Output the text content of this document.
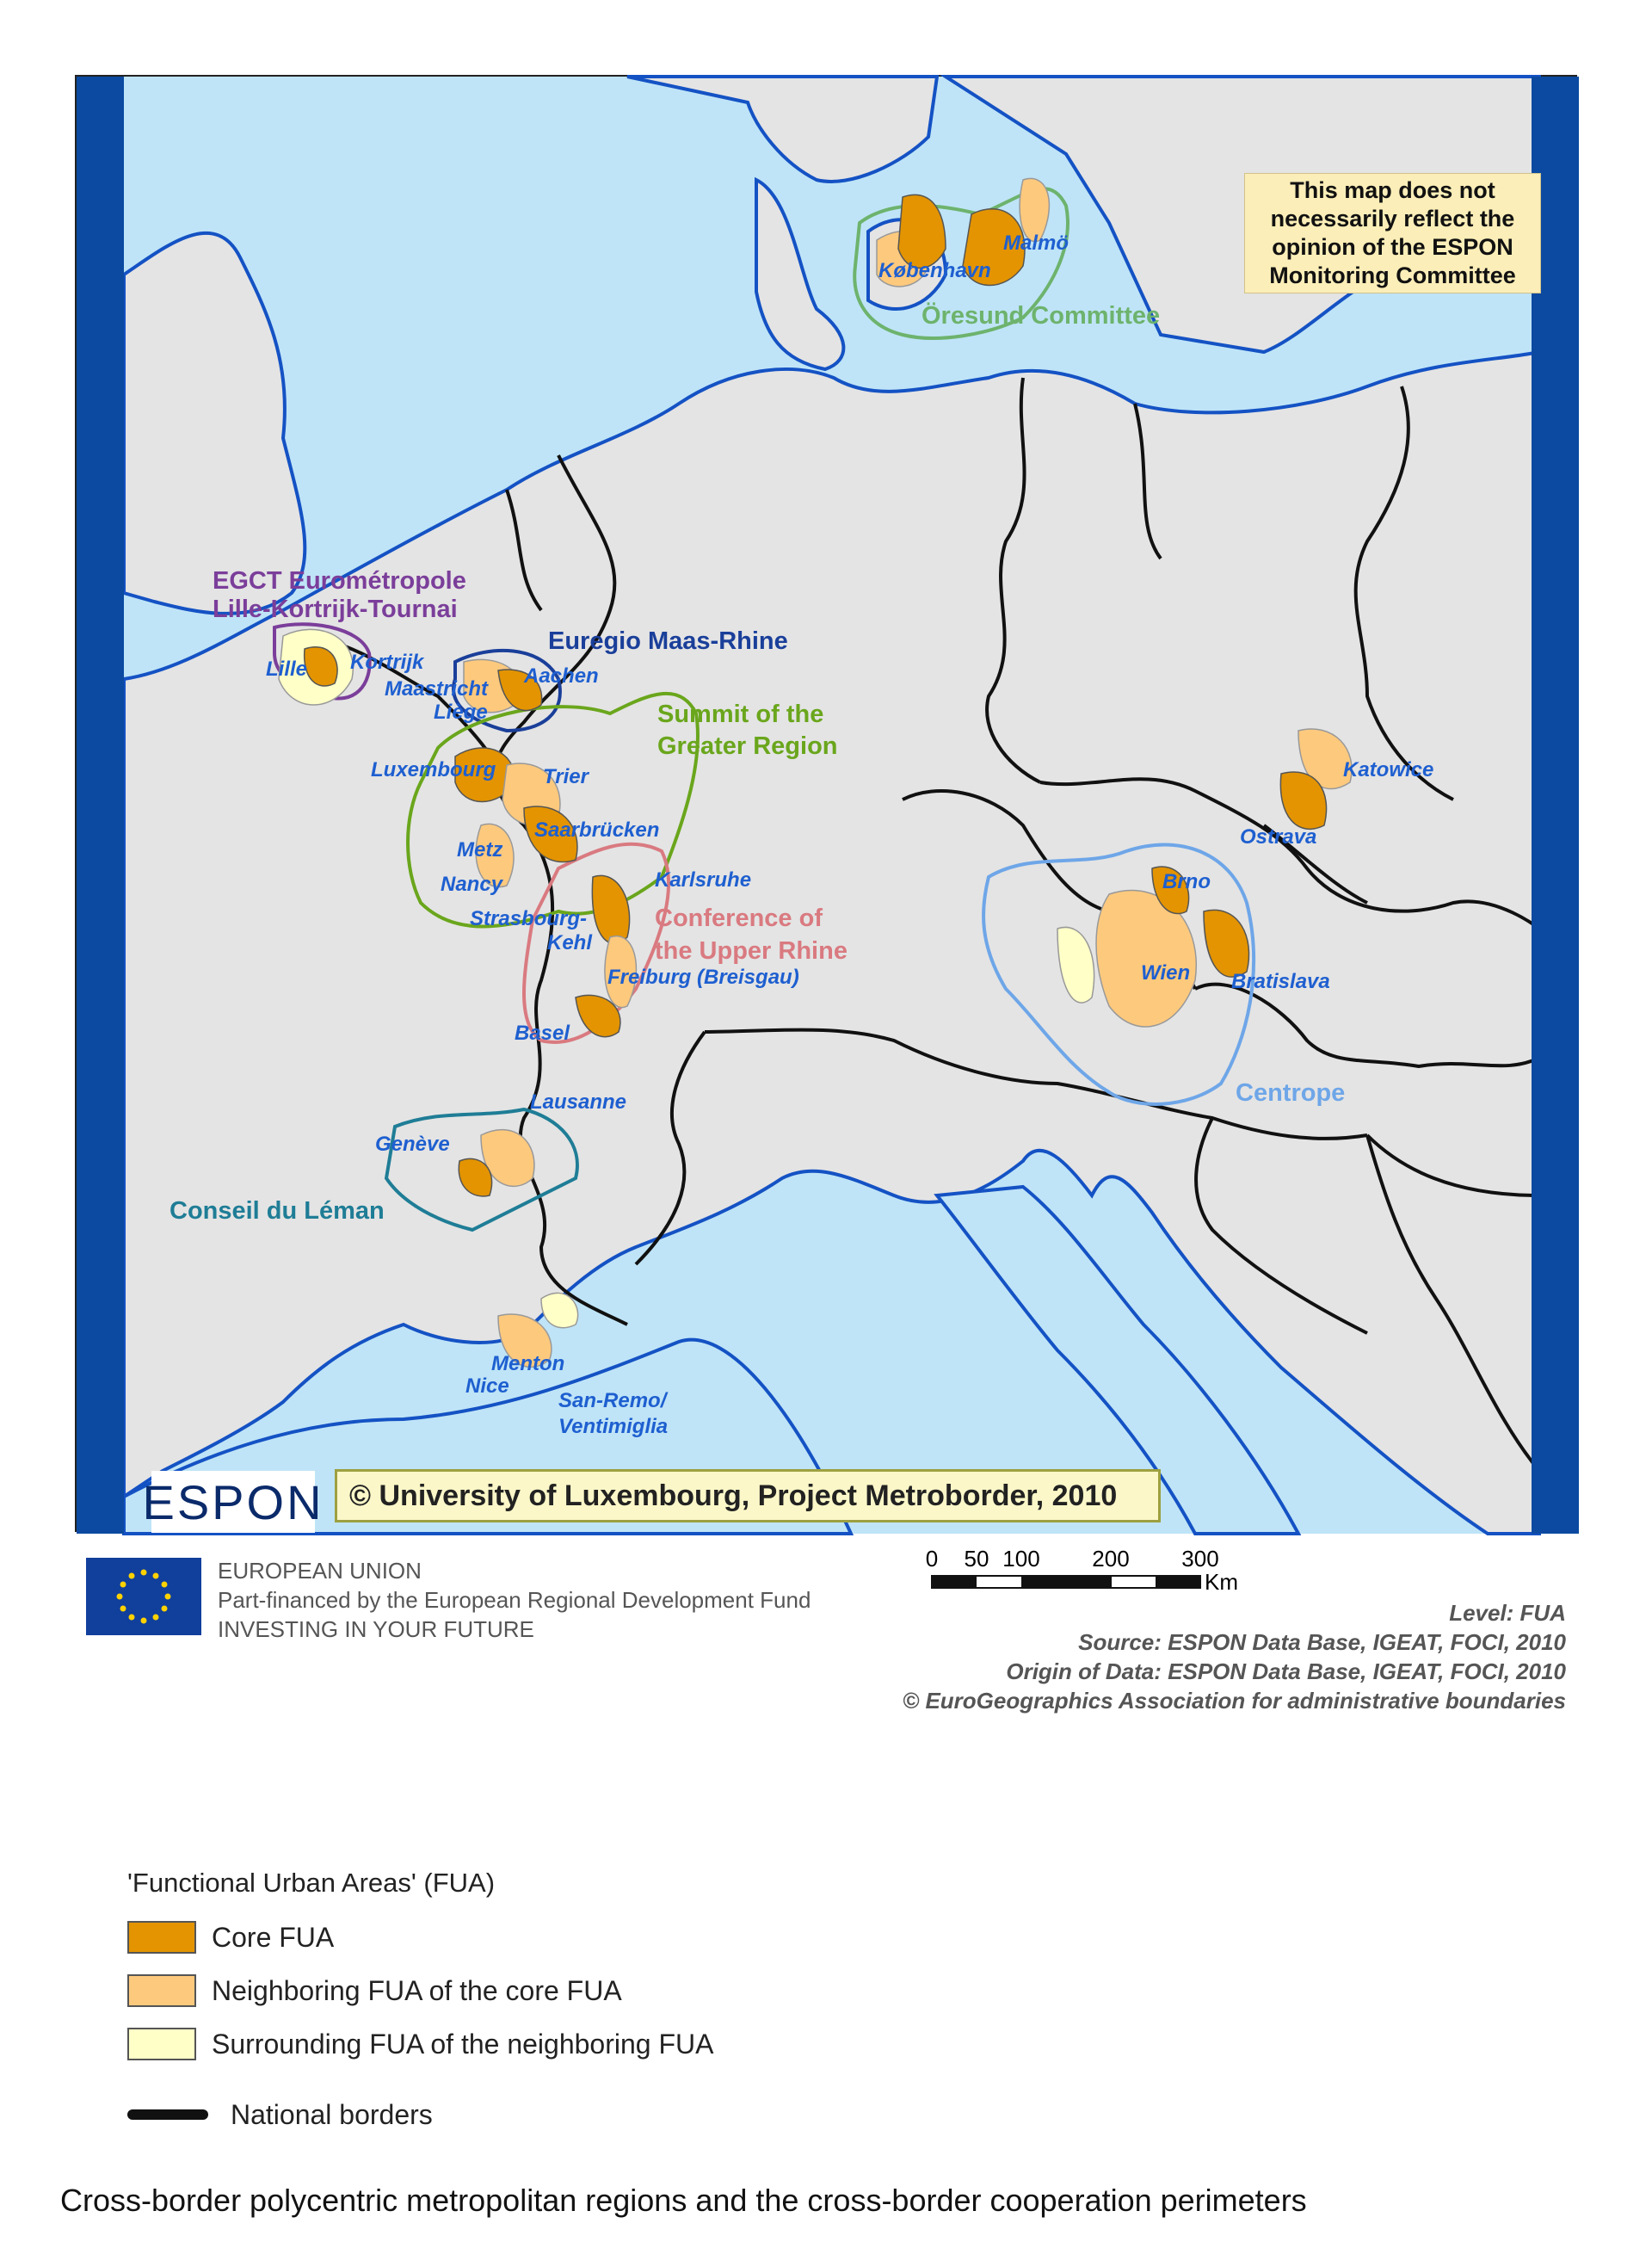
This map does not
necessarily reflect the
opinion of the ESPON
Monitoring Committee
København
Malmö
Lille Kortrijk
Aachen
Maastricht
Liège
Luxembourg Trier
Saarbrücken
Metz
Nancy	Karlsruhe
Strasbourg-
Kehl
Freiburg (Breisgau)
Basel
Lausanne
Genève
Menton
Nice
San-Remo/
Ventimiglia
Katowice
Ostrava
Brno
Wien Bratislava
Öresund Committee
EGCT Eurométropole
Lille-Kortrijk-Tournai
Euregio Maas-Rhine
Summit of the
Greater Region
Conference of
the Upper Rhine
Conseil du Léman
Centrope
ESPON © University of Luxembourg, Project Metroborder, 2010
EUROPEAN UNION
Part-financed by the European Regional Development Fund
INVESTING IN YOUR FUTURE
0 50 100 200 300
Km
Level: FUA
Source: ESPON Data Base, IGEAT, FOCI, 2010
Origin of Data: ESPON Data Base, IGEAT, FOCI, 2010
© EuroGeographics Association for administrative boundaries
'Functional Urban Areas' (FUA)
Core FUA
Neighboring FUA of the core FUA
Surrounding FUA of the neighboring FUA
National borders
Cross-border polycentric metropolitan regions and the cross-border cooperation perimeters
